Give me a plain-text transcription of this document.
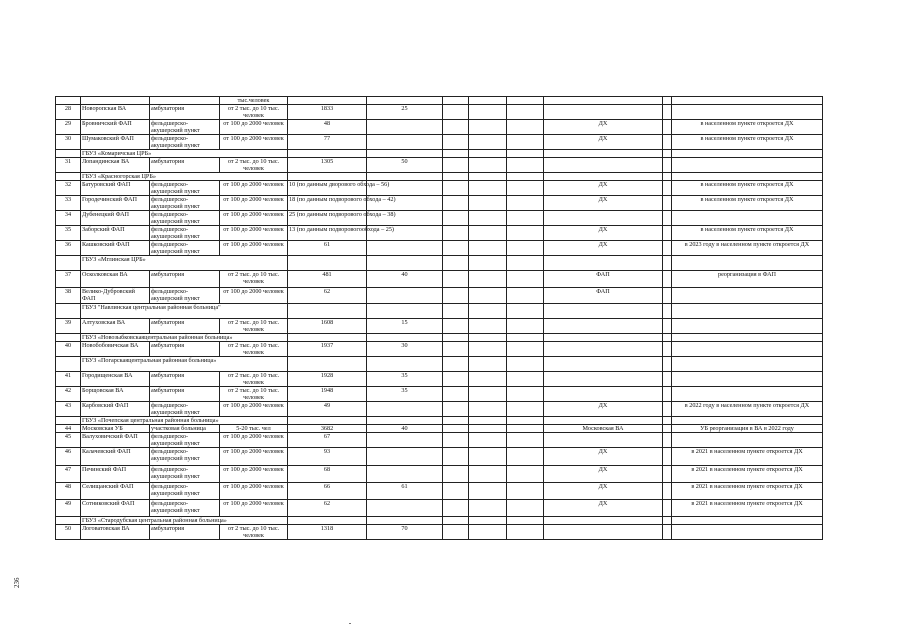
			тыс.человек								
28	Новоропская ВА	амбулатория	от 2 тыс. до 10 тыс. человек	1833	25						
29	Бровничский ФАП	фельдшерско-акушерский пункт	от 100 до 2000 человек	48					ДХ		в населенном пункте откроется ДХ
30	Шумаковский ФАП	фельдшерско-акушерский пункт	от 100 до 2000 человек	77					ДХ		в населенном пункте откроется ДХ
	ГБУЗ «Комаричская ЦРБ»										
31	Лопандинская ВА	амбулатория	от 2 тыс. до 10 тыс. человек	1305	50						
	ГБУЗ «Красногорская ЦРБ»										
32	Батуровский ФАП	фельдшерско-акушерский пункт	от 100 до 2000 человек	10 (по данным дворового обхода – 56)					ДХ		в населенном пункте откроется ДХ
33	Городечинский ФАП	фельдшерско-акушерский пункт	от 100 до 2000 человек	18 (по данным подворового обхода – 42)					ДХ		в населенном пункте откроется ДХ
34	Дубенецкий ФАП	фельдшерско-акушерский пункт	от 100 до 2000 человек	25 (по данным подворового обхода – 38)							
35	Заборский ФАП	фельдшерско-акушерский пункт	от 100 до 2000 человек	13 (по данным подворовогообхода – 25)					ДХ		в населенном пункте откроется ДХ
36	Кашковский ФАП	фельдшерско-акушерский пункт	от 100 до 2000 человек	61					ДХ		в 2023 году в населенном пункте откроется ДХ
	ГБУЗ «Мглинская ЦРБ»										
37	Осколковская ВА	амбулатория	от 2 тыс. до 10 тыс. человек	481	40				ФАП		реорганизация в ФАП
38	Велико-Дубровский ФАП	фельдшерско-акушерский пункт	от 100 до 2000 человек	62					ФАП		
	ГБУЗ "Навлинская центральная районная больница"										
39	Алтуховская ВА	амбулатория	от 2 тыс. до 10 тыс. человек	1608	15						
	ГБУЗ «Новозыбковскаяцентральная районная больница»										
40	Новобобовичская ВА	амбулатория	от 2 тыс. до 10 тыс. человек	1937	30						
	ГБУЗ «Погарскаяцентральная районная больница»										
41	Городищенская ВА	амбулатория	от 2 тыс. до 10 тыс. человек	1928	35						
42	Борщовская ВА	амбулатория	от 2 тыс. до 10 тыс. человек	1948	35						
43	Карбовский ФАП	фельдшерско-акушерский пункт	от 100 до 2000 человек	49					ДХ		в 2022 году в населенном пункте откроется ДХ
	ГБУЗ «Почепская центральная районная больница»										
44	Московская УБ	участковая больница	5-20 тыс. чел	3682	40				Московская ВА		УБ реорганизация в ВА в 2022 году
45	Валуховичский ФАП	фельдшерско-акушерский пункт	от 100 до 2000 человек	67							
46	Калачевский ФАП	фельдшерско-акушерский пункт	от 100 до 2000 человек	93					ДХ		в 2021 в населенном пункте откроется ДХ
47	Печинский ФАП	фельдшерско-акушерский пункт	от 100 до 2000 человек	68					ДХ		в 2021 в населенном пункте откроется ДХ
48	Селищанский ФАП	фельдшерско-акушерский пункт	от 100 до 2000 человек	66	61				ДХ		в 2021 в населенном пункте откроется ДХ
49	Сотниковский ФАП	фельдшерско-акушерский пункт	от 100 до 2000 человек	62					ДХ		в 2021 в населенном пункте откроется ДХ
	ГБУЗ «Стародубская центральная районная больница»										
50	Логоватовская ВА	амбулатория	от 2 тыс. до 10 тыс. человек	1318	70						
236
